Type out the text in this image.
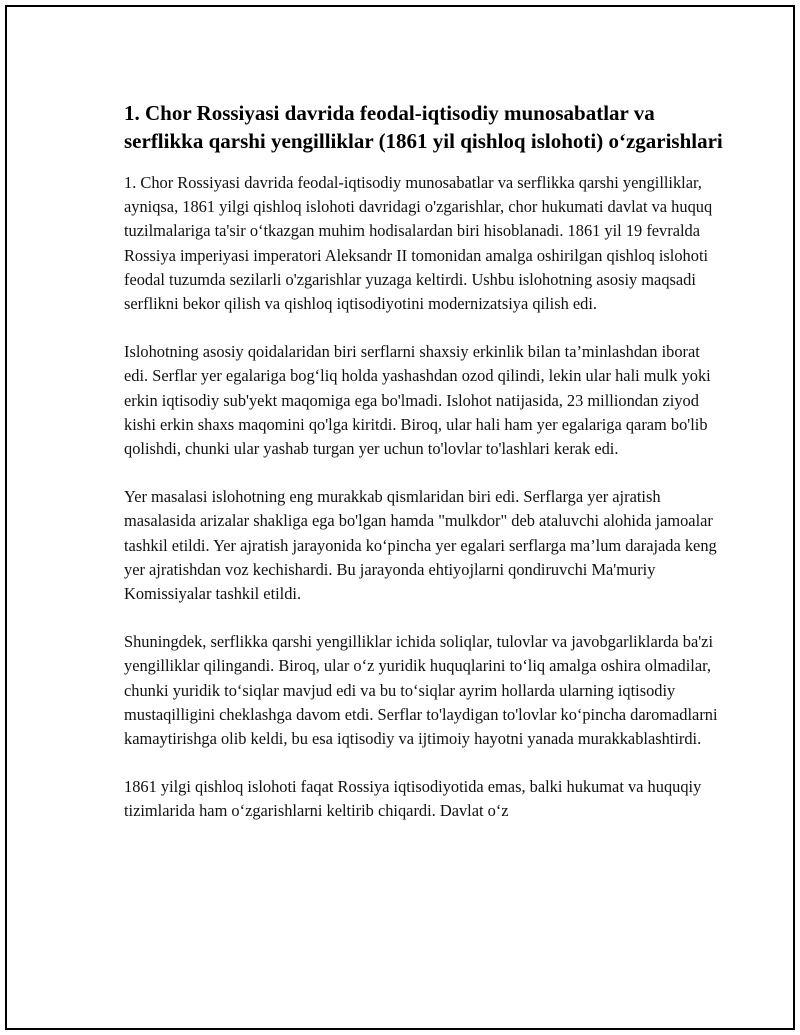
1. Chor Rossiyasi davrida feodal-iqtisodiy munosabatlar va serflikka qarshi yengilliklar (1861 yil qishloq islohoti) oʻzgarishlari

1. Chor Rossiyasi davrida feodal-iqtisodiy munosabatlar va serflikka qarshi yengilliklar, ayniqsa, 1861 yilgi qishloq islohoti davridagi o'zgarishlar, chor hukumati davlat va huquq tuzilmalariga ta'sir oʻtkazgan muhim hodisalardan biri hisoblanadi. 1861 yil 19 fevralda Rossiya imperiyasi imperatori Aleksandr II tomonidan amalga oshirilgan qishloq islohoti feodal tuzumda sezilarli o'zgarishlar yuzaga keltirdi. Ushbu islohotning asosiy maqsadi serflikni bekor qilish va qishloq iqtisodiyotini modernizatsiya qilish edi.

Islohotning asosiy qoidalaridan biri serflarni shaxsiy erkinlik bilan ta’minlashdan iborat edi. Serflar yer egalariga bogʻliq holda yashashdan ozod qilindi, lekin ular hali mulk yoki erkin iqtisodiy sub'yekt maqomiga ega bo'lmadi. Islohot natijasida, 23 milliondan ziyod kishi erkin shaxs maqomini qo'lga kiritdi. Biroq, ular hali ham yer egalariga qaram bo'lib qolishdi, chunki ular yashab turgan yer uchun to'lovlar to'lashlari kerak edi.

Yer masalasi islohotning eng murakkab qismlaridan biri edi. Serflarga yer ajratish masalasida arizalar shakliga ega bo'lgan hamda "mulkdor" deb ataluvchi alohida jamoalar tashkil etildi. Yer ajratish jarayonida koʻpincha yer egalari serflarga ma’lum darajada keng yer ajratishdan voz kechishardi. Bu jarayonda ehtiyojlarni qondiruvchi Ma'muriy Komissiyalar tashkil etildi.

Shuningdek, serflikka qarshi yengilliklar ichida soliqlar, tulovlar va javobgarliklarda ba'zi yengilliklar qilingandi. Biroq, ular oʻz yuridik huquqlarini toʻliq amalga oshira olmadilar, chunki yuridik toʻsiqlar mavjud edi va bu toʻsiqlar ayrim hollarda ularning iqtisodiy mustaqilligini cheklashga davom etdi. Serflar to'laydigan to'lovlar koʻpincha daromadlarni kamaytirishga olib keldi, bu esa iqtisodiy va ijtimoiy hayotni yanada murakkablashtirdi.

1861 yilgi qishloq islohoti faqat Rossiya iqtisodiyotida emas, balki hukumat va huquqiy tizimlarida ham oʻzgarishlarni keltirib chiqardi. Davlat oʻz
